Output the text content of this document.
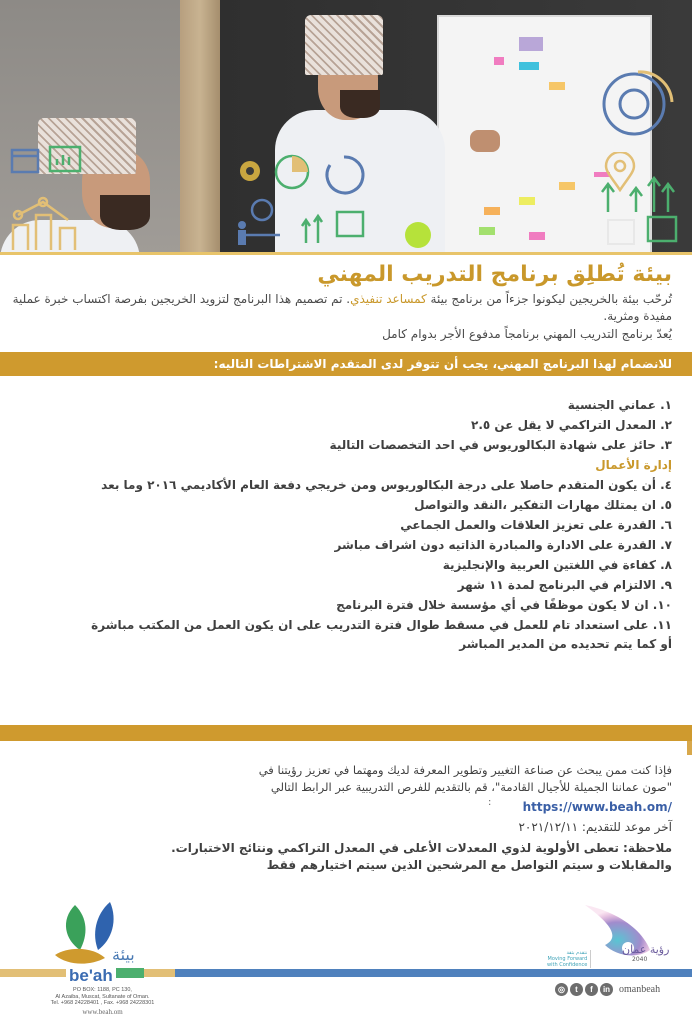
بيئة تُطلِق برنامج التدريب المهني
تُرحّب بيئة بالخريجين ليكونوا جزءاً من برنامج بيئة كمساعد تنفيذي. تم تصميم هذا البرنامج لتزويد الخريجين بفرصة اكتساب خبرة عملية مفيدة ومثرية.
يُعدّ برنامج التدريب المهني برنامجاً مدفوع الأجر بدوام كامل
للانضمام لهذا البرنامج المهني، يجب أن تتوفر لدى المتقدم الاشتراطات التاليه:
١. عماني الجنسية
٢. المعدل التراكمي لا يقل عن ٢.٥
٣. حائز على شهادة البكالوريوس في احد التخصصات التالية
إدارة الأعمال
٤. أن يكون المتقدم حاصلا على درجة البكالوريوس ومن خريجي دفعة العام الأكاديمي ٢٠١٦ وما بعد
٥. ان يمتلك مهارات التفكير ،النقد والتواصل
٦. القدرة على تعزيز العلاقات والعمل الجماعي
٧. القدرة على الادارة والمبادرة الذاتيه دون اشراف مباشر
٨. كفاءة في اللغتين العربية والإنجليزية
٩. الالتزام في البرنامج لمدة ١١ شهر
١٠. ان لا يكون موظفًا في أي مؤسسة خلال فترة البرنامج
١١. على استعداد تام للعمل في مسقط طوال فترة التدريب على ان يكون العمل من المكتب مباشرة
أو كما يتم تحديده من المدير المباشر
فإذا كنت ممن يبحث عن صناعة التغيير وتطوير المعرفة لديك ومهتما في تعزيز رؤيتنا في
"صون عماننا الجميلة للأجيال القادمة"، قم بالتقديم للفرص التدريبية عبر الرابط التالي
:	https://www.beah.om/
آخر موعد للتقديم: ٢٠٢١/١٢/١١
ملاحظة: تعطى الأولوية لذوي المعدلات الأعلى في المعدل التراكمي ونتائج الاختبارات.
والمقابلات و سيتم التواصل مع المرشحين الذين سيتم اختيارهم فقط
بيئة
be'ah
PO BOX: 1188, PC 130,
Al Azaiba, Muscat, Sultanate of Oman.
Tel. +968 24228401 , Fax. +968 24228301
www.beah.om
رؤية عمان
2040
نتقدم بثقة
Moving Forward
with Confidence
◎	t	f	in omanbeah
